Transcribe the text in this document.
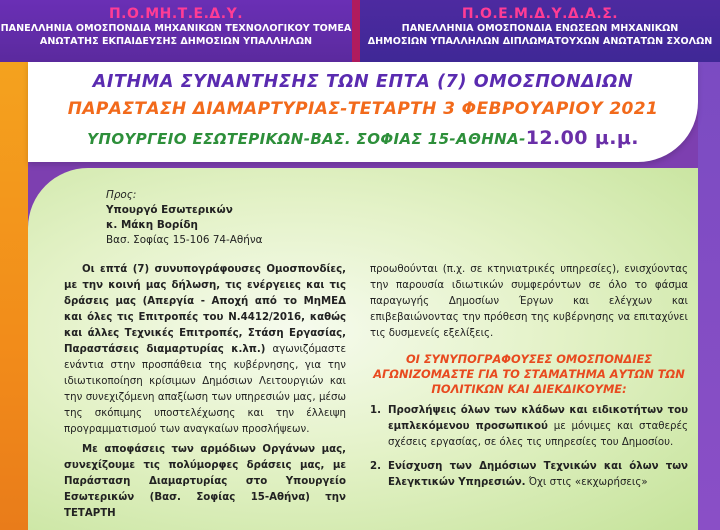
Π.Ο.ΜΗ.Τ.Ε.Δ.Υ.
ΠΑΝΕΛΛΗΝΙΑ ΟΜΟΣΠΟΝΔΙΑ ΜΗΧΑΝΙΚΩΝ ΤΕΧΝΟΛΟΓΙΚΟΥ ΤΟΜΕΑ
ΑΝΩΤΑΤΗΣ ΕΚΠΑΙΔΕΥΣΗΣ ΔΗΜΟΣΙΩΝ ΥΠΑΛΛΗΛΩΝ
Π.Ο.Ε.Μ.Δ.Υ.Δ.Α.Σ.
ΠΑΝΕΛΛΗΝΙΑ ΟΜΟΣΠΟΝΔΙΑ ΕΝΩΣΕΩΝ ΜΗΧΑΝΙΚΩΝ
ΔΗΜΟΣΙΩΝ ΥΠΑΛΛΗΛΩΝ ΔΙΠΛΩΜΑΤΟΥΧΩΝ ΑΝΩΤΑΤΩΝ ΣΧΟΛΩΝ
ΑΙΤΗΜΑ ΣΥΝΑΝΤΗΣΗΣ ΤΩΝ ΕΠΤΑ (7) ΟΜΟΣΠΟΝΔΙΩΝ
ΠΑΡΑΣΤΑΣΗ ΔΙΑΜΑΡΤΥΡΙΑΣ-ΤΕΤΑΡΤΗ 3 ΦΕΒΡΟΥΑΡΙΟΥ 2021
ΥΠΟΥΡΓΕΙΟ ΕΣΩΤΕΡΙΚΩΝ-ΒΑΣ. ΣΟΦΙΑΣ 15-ΑΘΗΝΑ-12.00 μ.μ.
Προς:
Υπουργό Εσωτερικών
κ. Μάκη Βορίδη
Βασ. Σοφίας 15-106 74-Αθήνα

Οι επτά (7) συνυπογράφουσες Ομοσπονδίες, με την κοινή μας δήλωση, τις ενέργειες και τις δράσεις μας (Απεργία - Αποχή από το ΜηΜΕΔ και όλες τις Επιτροπές του Ν.4412/2016, καθώς και άλλες Τεχνικές Επιτροπές, Στάση Εργασίας, Παραστάσεις διαμαρτυρίας κ.λπ.) αγωνιζόμαστε ενάντια στην προσπάθεια της κυβέρνησης, για την ιδιωτικοποίηση κρίσιμων Δημόσιων Λειτουργιών και την συνεχιζόμενη απαξίωση των υπηρεσιών μας, μέσω της σκόπιμης υποστελέχωσης και την έλλειψη προγραμματισμού των αναγκαίων προσλήψεων.

Με αποφάσεις των αρμόδιων Οργάνων μας, συνεχίζουμε τις πολύμορφες δράσεις μας, με Παράσταση Διαμαρτυρίας στο Υπουργείο Εσωτερικών (Βασ. Σοφίας 15-Αθήνα) την ΤΕΤΑΡΤΗ

προωθούνται (π.χ. σε κτηνιατρικές υπηρεσίες), ενισχύοντας την παρουσία ιδιωτικών συμφερόντων σε όλο το φάσμα παραγωγής Δημοσίων Έργων και ελέγχων και επιβεβαιώνοντας την πρόθεση της κυβέρνησης να επιταχύνει τις δυσμενείς εξελίξεις.

ΟΙ ΣΥΝΥΠΟΓΡΑΦΟΥΣΕΣ ΟΜΟΣΠΟΝΔΙΕΣ ΑΓΩΝΙΖΟΜΑΣΤΕ ΓΙΑ ΤΟ ΣΤΑΜΑΤΗΜΑ ΑΥΤΩΝ ΤΩΝ ΠΟΛΙΤΙΚΩΝ ΚΑΙ ΔΙΕΚΔΙΚΟΥΜΕ:
1. Προσλήψεις όλων των κλάδων και ειδικοτήτων του εμπλεκόμενου προσωπικού με μόνιμες και σταθερές σχέσεις εργασίας, σε όλες τις υπηρεσίες του Δημοσίου.
2. Ενίσχυση των Δημόσιων Τεχνικών και όλων των Ελεγκτικών Υπηρεσιών. Όχι στις «εκχωρήσεις»
